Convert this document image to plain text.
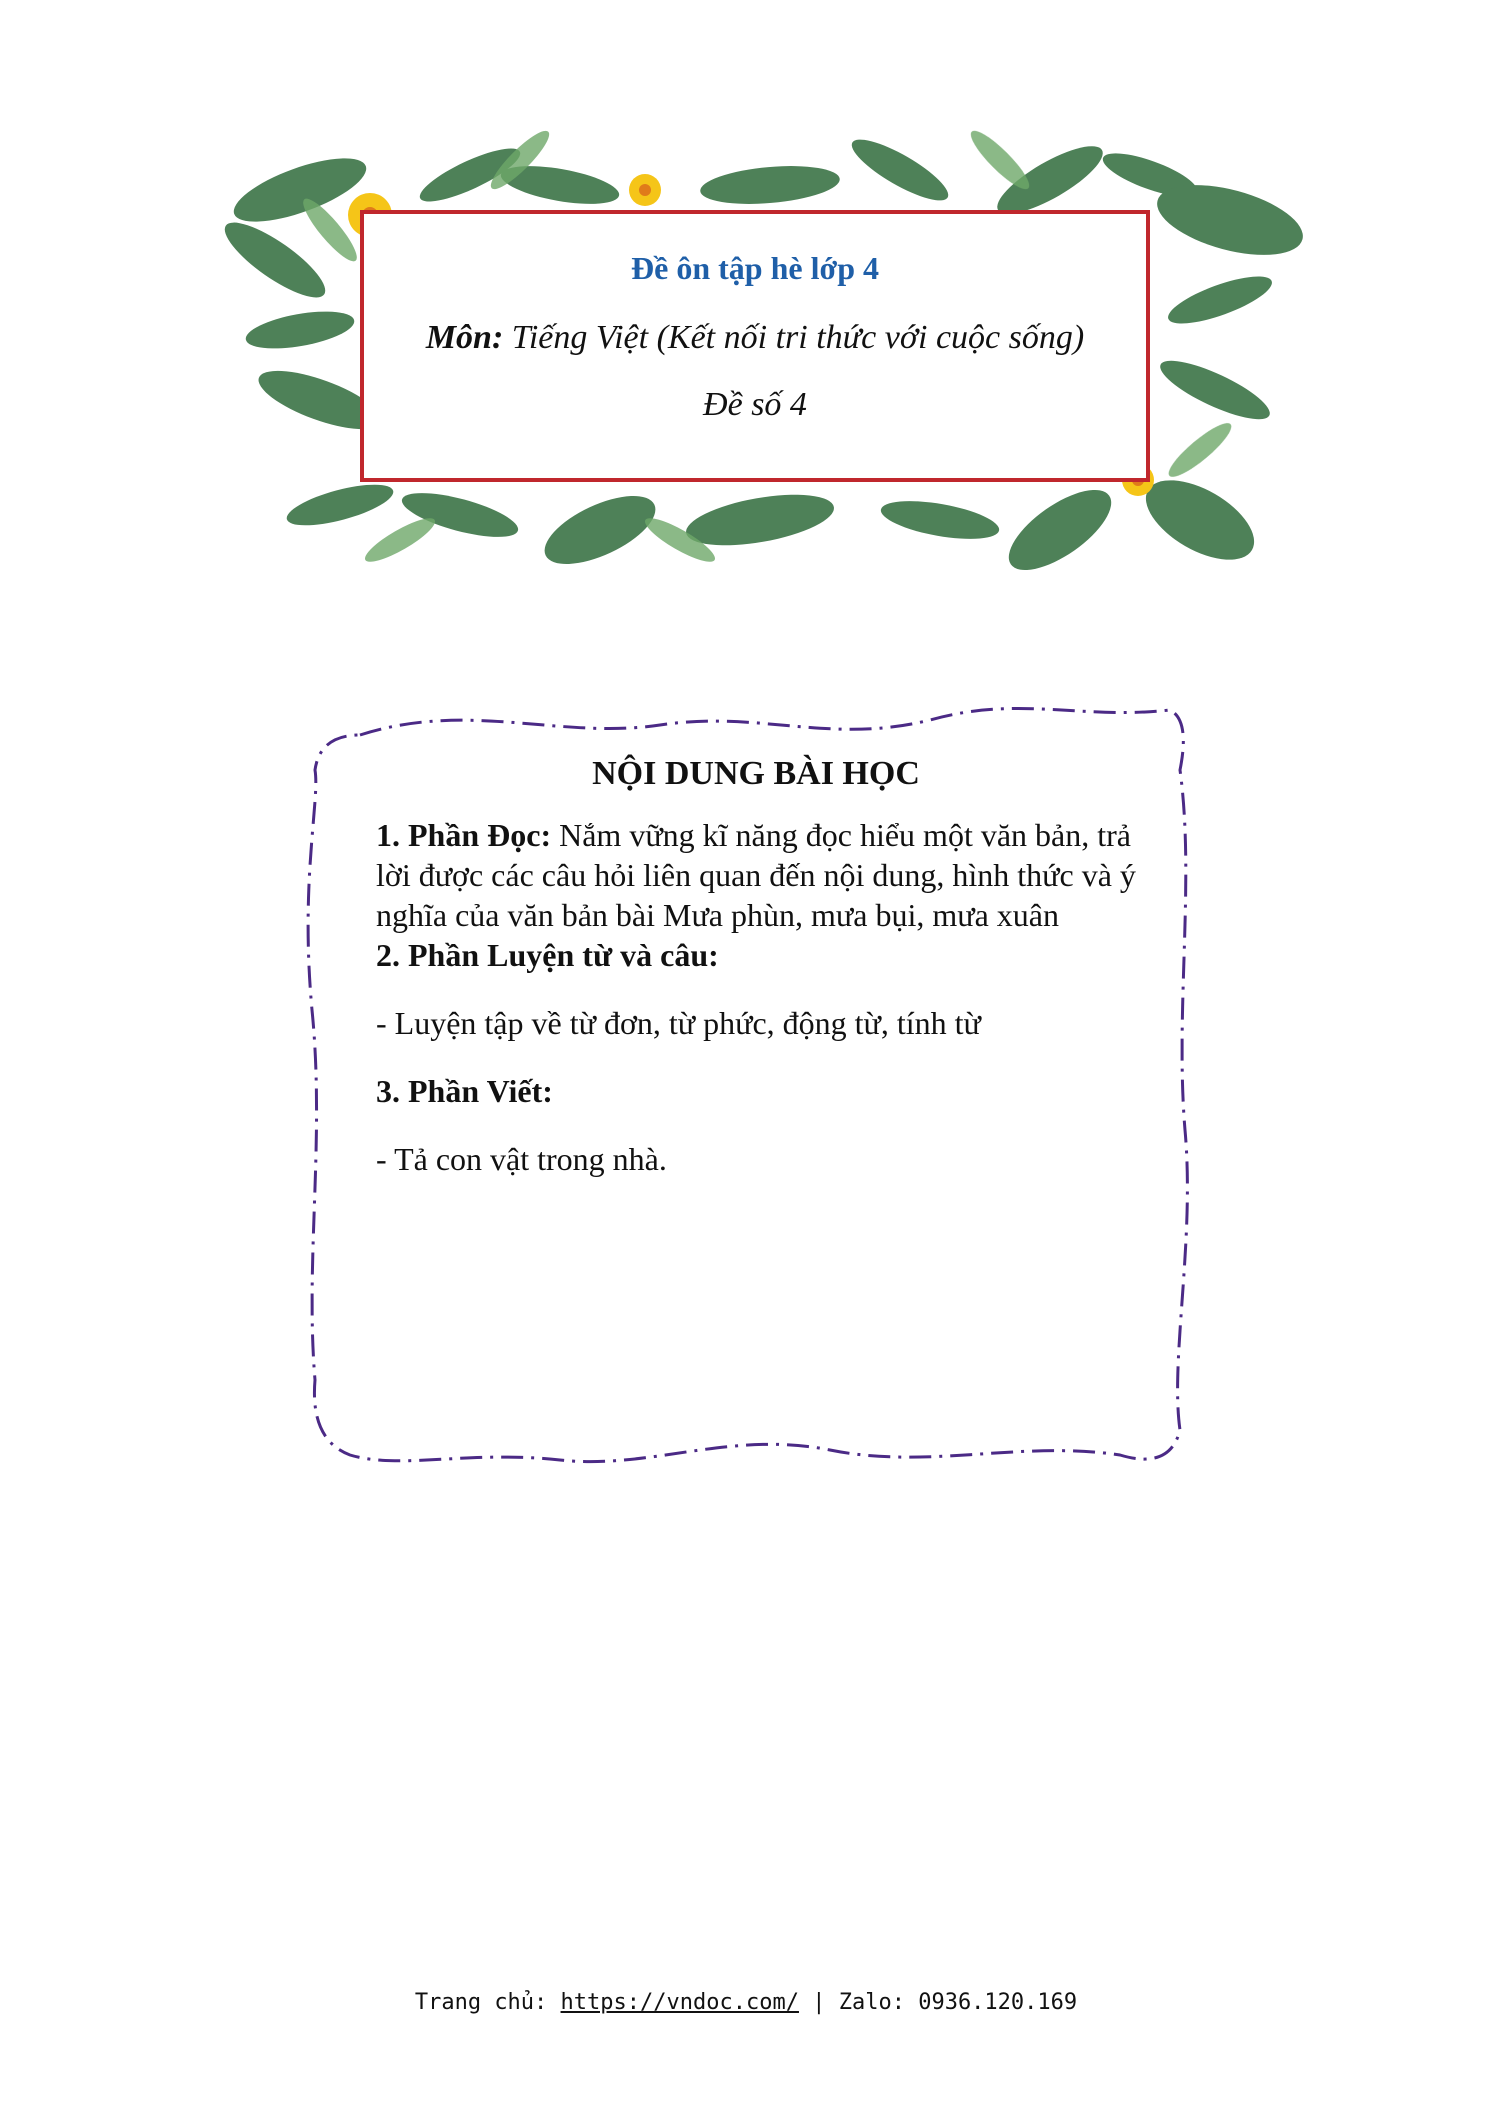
Đề ôn tập hè lớp 4
Môn: Tiếng Việt (Kết nối tri thức với cuộc sống)
Đề số 4
NỘI DUNG BÀI HỌC
1. Phần Đọc: Nắm vững kĩ năng đọc hiểu một văn bản, trả lời được các câu hỏi liên quan đến nội dung, hình thức và ý nghĩa của văn bản bài Mưa phùn, mưa bụi, mưa xuân
2. Phần Luyện từ và câu:
- Luyện tập về từ đơn, từ phức, động từ, tính từ
3. Phần Viết:
- Tả con vật trong nhà.
Trang chủ: https://vndoc.com/ | Zalo: 0936.120.169
